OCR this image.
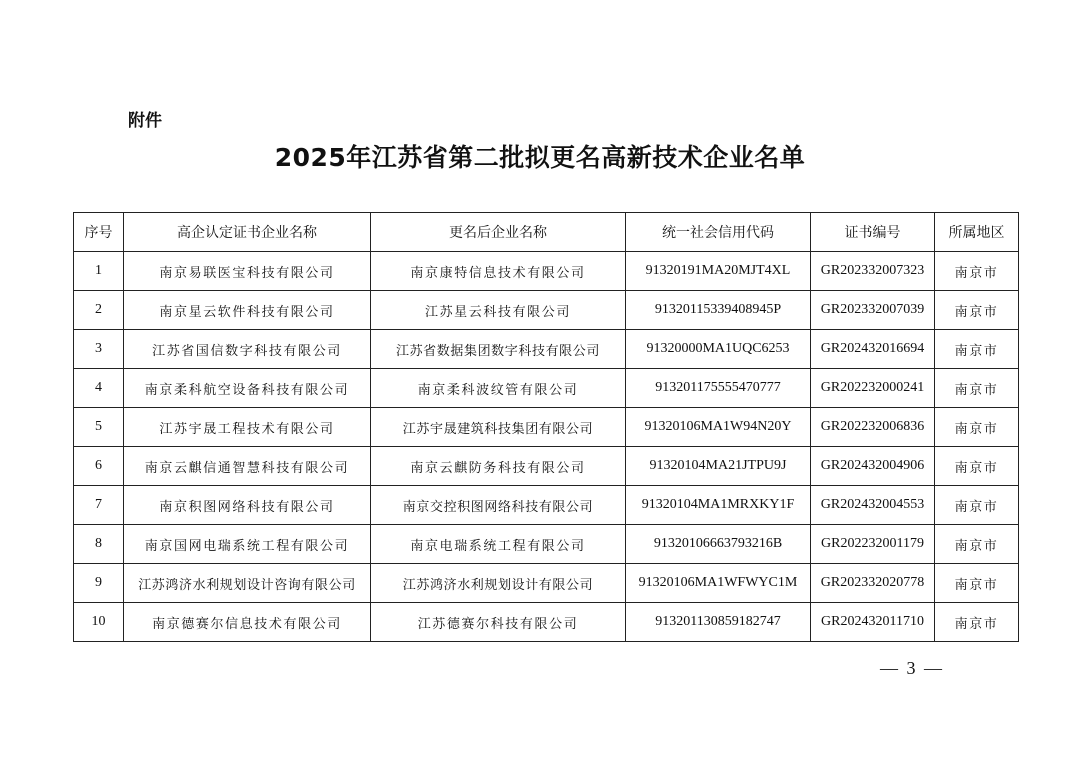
附件
2025年江苏省第二批拟更名高新技术企业名单
序号	高企认定证书企业名称	更名后企业名称	统一社会信用代码	证书编号	所属地区
1	南京易联医宝科技有限公司	南京康特信息技术有限公司	91320191MA20MJT4XL	GR202332007323	南京市
2	南京星云软件科技有限公司	江苏星云科技有限公司	91320115339408945P	GR202332007039	南京市
3	江苏省国信数字科技有限公司	江苏省数据集团数字科技有限公司	91320000MA1UQC6253	GR202432016694	南京市
4	南京柔科航空设备科技有限公司	南京柔科波纹管有限公司	913201175555470777	GR202232000241	南京市
5	江苏宇晟工程技术有限公司	江苏宇晟建筑科技集团有限公司	91320106MA1W94N20Y	GR202232006836	南京市
6	南京云麒信通智慧科技有限公司	南京云麒防务科技有限公司	91320104MA21JTPU9J	GR202432004906	南京市
7	南京积图网络科技有限公司	南京交控积图网络科技有限公司	91320104MA1MRXKY1F	GR202432004553	南京市
8	南京国网电瑞系统工程有限公司	南京电瑞系统工程有限公司	91320106663793216B	GR202232001179	南京市
9	江苏鸿济水利规划设计咨询有限公司	江苏鸿济水利规划设计有限公司	91320106MA1WFWYC1M	GR202332020778	南京市
10	南京德赛尔信息技术有限公司	江苏德赛尔科技有限公司	913201130859182747	GR202432011710	南京市
— 3 —
